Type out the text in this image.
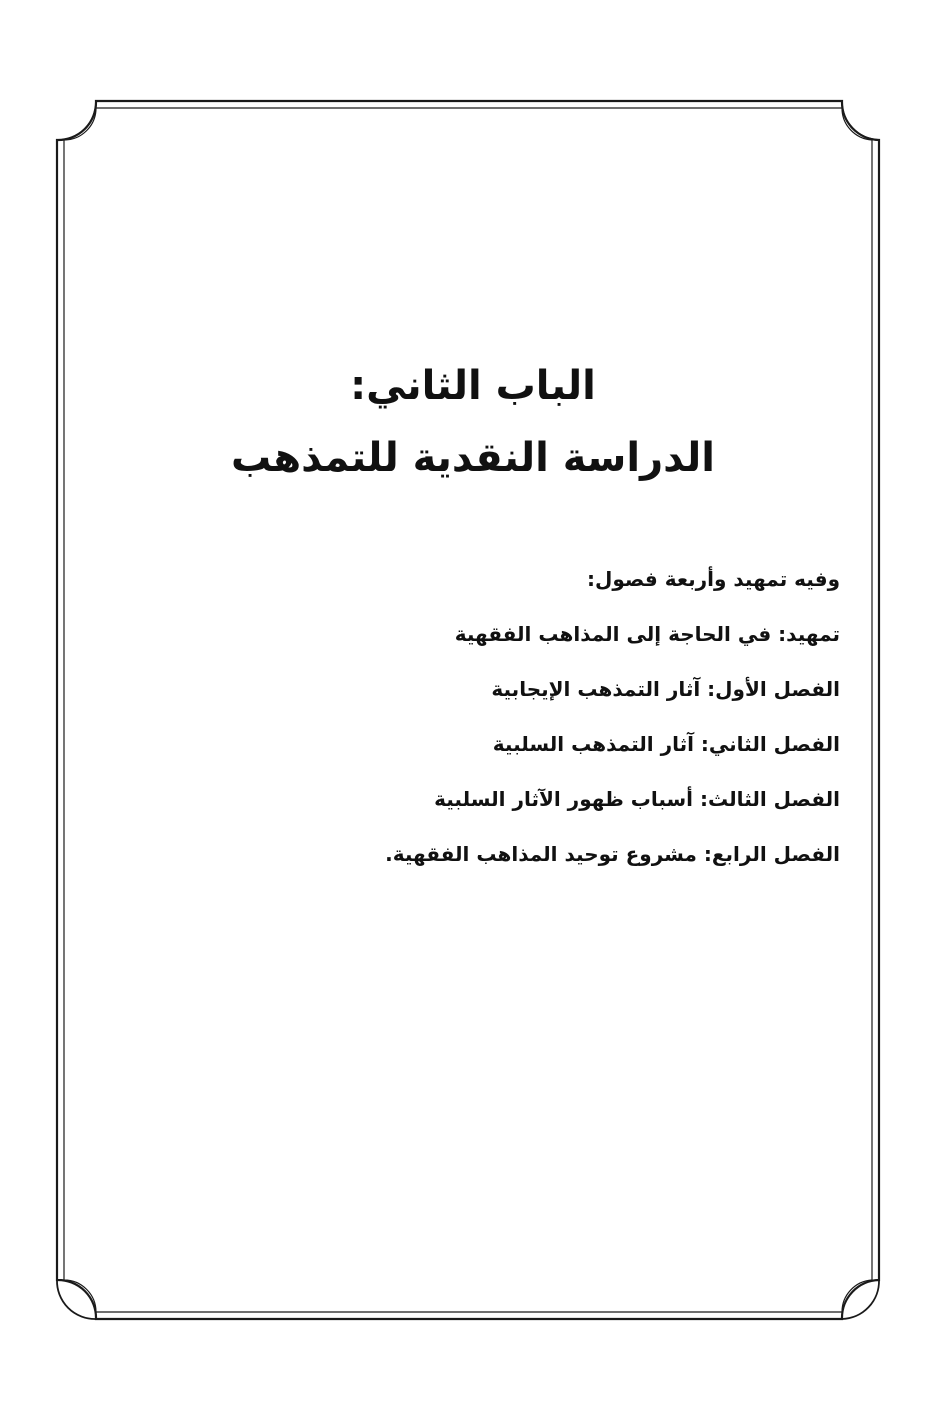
الباب الثاني:
الدراسة النقدية للتمذهب
وفيه تمهيد وأربعة فصول:
تمهيد: في الحاجة إلى المذاهب الفقهية
الفصل الأول: آثار التمذهب الإيجابية
الفصل الثاني: آثار التمذهب السلبية
الفصل الثالث: أسباب ظهور الآثار السلبية
الفصل الرابع: مشروع توحيد المذاهب الفقهية.
